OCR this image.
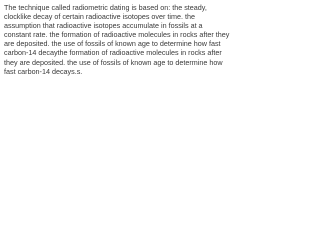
The technique called radiometric dating is based on: the steady, clocklike decay of certain radioactive isotopes over time. the assumption that radioactive isotopes accumulate in fossils at a constant rate. the formation of radioactive molecules in rocks after they are deposited. the use of fossils of known age to determine how fast carbon-14 decaythe formation of radioactive molecules in rocks after they are deposited. the use of fossils of known age to determine how fast carbon-14 decays.s.
